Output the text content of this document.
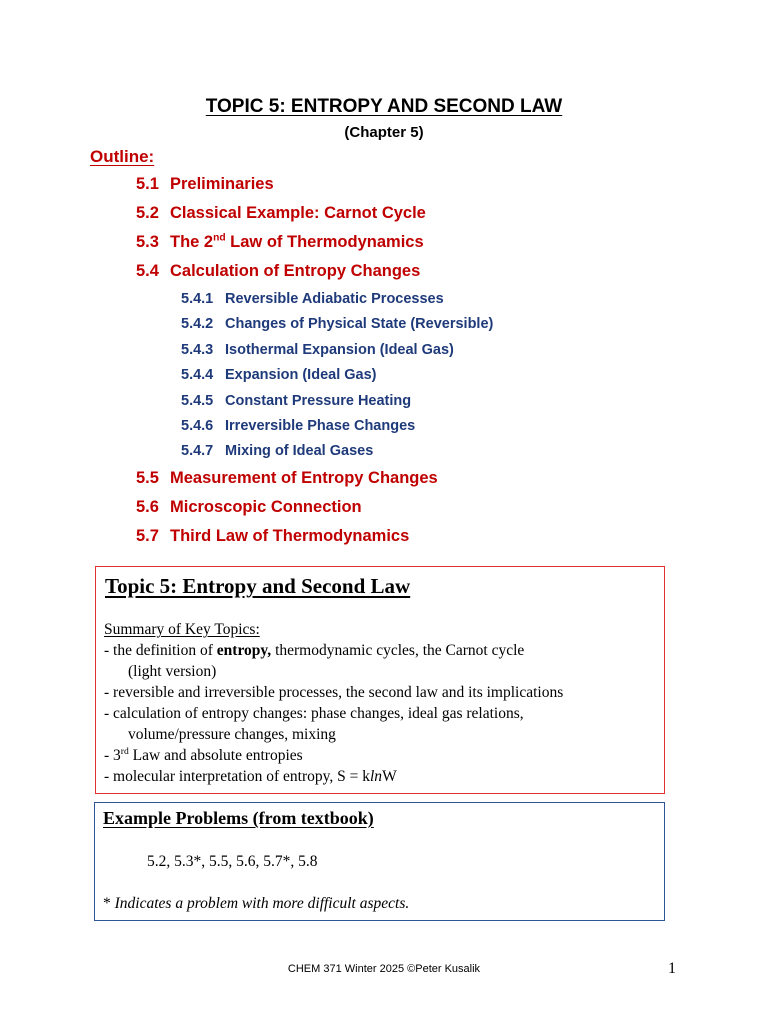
TOPIC 5: ENTROPY AND SECOND LAW
(Chapter 5)
Outline:
5.1 Preliminaries
5.2 Classical Example: Carnot Cycle
5.3 The 2nd Law of Thermodynamics
5.4 Calculation of Entropy Changes
5.4.1 Reversible Adiabatic Processes
5.4.2 Changes of Physical State (Reversible)
5.4.3 Isothermal Expansion (Ideal Gas)
5.4.4 Expansion (Ideal Gas)
5.4.5 Constant Pressure Heating
5.4.6 Irreversible Phase Changes
5.4.7 Mixing of Ideal Gases
5.5 Measurement of Entropy Changes
5.6 Microscopic Connection
5.7 Third Law of Thermodynamics
Topic 5: Entropy and Second Law
Summary of Key Topics:
- the definition of entropy, thermodynamic cycles, the Carnot cycle
(light version)
- reversible and irreversible processes, the second law and its implications
- calculation of entropy changes: phase changes, ideal gas relations,
volume/pressure changes, mixing
- 3rd Law and absolute entropies
- molecular interpretation of entropy, S = klnW
Example Problems (from textbook)
5.2, 5.3*, 5.5, 5.6, 5.7*, 5.8
* Indicates a problem with more difficult aspects.
CHEM 371 Winter 2025 ©Peter Kusalik	1
